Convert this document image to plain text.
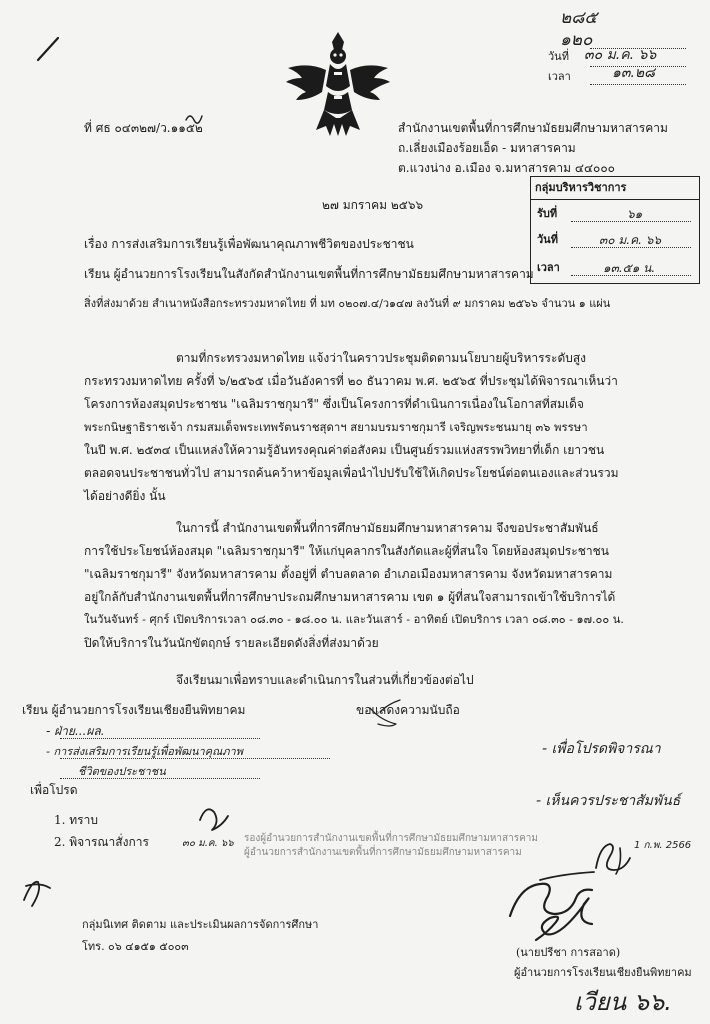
๒๘๕
๑๒๐
วันที่ ๓๐ ม.ค. ๖๖
เวลา	๑๓.๒๘
ที่ ศธ ๐๔๓๒๗/ว.๑๑๕๒	สำนักงานเขตพื้นที่การศึกษามัธยมศึกษามหาสารคาม
ถ.เลี่ยงเมืองร้อยเอ็ด - มหาสารคาม
ต.แวงน่าง อ.เมือง จ.มหาสารคาม ๔๔๐๐๐
๒๗ มกราคม ๒๕๖๖
กลุ่มบริหารวิชาการ
รับที่	๖๑
วันที่	๓๐ ม.ค. ๖๖
เวลา	๑๓.๕๑ น.
เรื่อง การส่งเสริมการเรียนรู้เพื่อพัฒนาคุณภาพชีวิตของประชาชน
เรียน ผู้อำนวยการโรงเรียนในสังกัดสำนักงานเขตพื้นที่การศึกษามัธยมศึกษามหาสารคาม
สิ่งที่ส่งมาด้วย สำเนาหนังสือกระทรวงมหาดไทย ที่ มท ๐๒๐๗.๔/ว๑๔๗ ลงวันที่ ๙ มกราคม ๒๕๖๖ จำนวน ๑ แผ่น
ตามที่กระทรวงมหาดไทย แจ้งว่าในคราวประชุมติดตามนโยบายผู้บริหารระดับสูง
กระทรวงมหาดไทย ครั้งที่ ๖/๒๕๖๕ เมื่อวันอังคารที่ ๒๐ ธันวาคม พ.ศ. ๒๕๖๕ ที่ประชุมได้พิจารณาเห็นว่า
โครงการห้องสมุดประชาชน "เฉลิมราชกุมารี" ซึ่งเป็นโครงการที่ดำเนินการเนื่องในโอกาสที่สมเด็จ
พระกนิษฐาธิราชเจ้า กรมสมเด็จพระเทพรัตนราชสุดาฯ สยามบรมราชกุมารี เจริญพระชนมายุ ๓๖ พรรษา
ในปี พ.ศ. ๒๕๓๔ เป็นแหล่งให้ความรู้อันทรงคุณค่าต่อสังคม เป็นศูนย์รวมแห่งสรรพวิทยาที่เด็ก เยาวชน
ตลอดจนประชาชนทั่วไป สามารถค้นคว้าหาข้อมูลเพื่อนำไปปรับใช้ให้เกิดประโยชน์ต่อตนเองและส่วนรวม
ได้อย่างดียิ่ง นั้น
ในการนี้ สำนักงานเขตพื้นที่การศึกษามัธยมศึกษามหาสารคาม จึงขอประชาสัมพันธ์
การใช้ประโยชน์ห้องสมุด "เฉลิมราชกุมารี" ให้แก่บุคลากรในสังกัดและผู้ที่สนใจ โดยห้องสมุดประชาชน
"เฉลิมราชกุมารี" จังหวัดมหาสารคาม ตั้งอยู่ที่ ตำบลตลาด อำเภอเมืองมหาสารคาม จังหวัดมหาสารคาม
อยู่ใกล้กับสำนักงานเขตพื้นที่การศึกษาประถมศึกษามหาสารคาม เขต ๑ ผู้ที่สนใจสามารถเข้าใช้บริการได้
ในวันจันทร์ - ศุกร์ เปิดบริการเวลา ๐๘.๓๐ - ๑๘.๐๐ น. และวันเสาร์ - อาทิตย์ เปิดบริการ เวลา ๐๘.๓๐ - ๑๗.๐๐ น.
ปิดให้บริการในวันนักขัตฤกษ์ รายละเอียดดังสิ่งที่ส่งมาด้วย
จึงเรียนมาเพื่อทราบและดำเนินการในส่วนที่เกี่ยวข้องต่อไป
ขอแสดงความนับถือ
เรียน ผู้อำนวยการโรงเรียนเชียงยืนพิทยาคม
- ฝ่าย...ผล.
- การส่งเสริมการเรียนรู้เพื่อพัฒนาคุณภาพ
ชีวิตของประชาชน
เพื่อโปรด
1. ทราบ
2. พิจารณาสั่งการ	๓๐ ม.ค. ๖๖ รองผู้อำนวยการสำนักงานเขตพื้นที่การศึกษามัธยมศึกษามหาสารคาม
ผู้อำนวยการสำนักงานเขตพื้นที่การศึกษามัธยมศึกษามหาสารคาม
- เพื่อโปรดพิจารณา
- เห็นควรประชาสัมพันธ์
1 ก.พ. 2566
กลุ่มนิเทศ ติดตาม และประเมินผลการจัดการศึกษา
โทร. ๐๖ ๔๑๕๑ ๕๐๐๓	(นายปรีชา การสอาด)
ผู้อำนวยการโรงเรียนเชียงยืนพิทยาคม
เวียน ๖๖.
